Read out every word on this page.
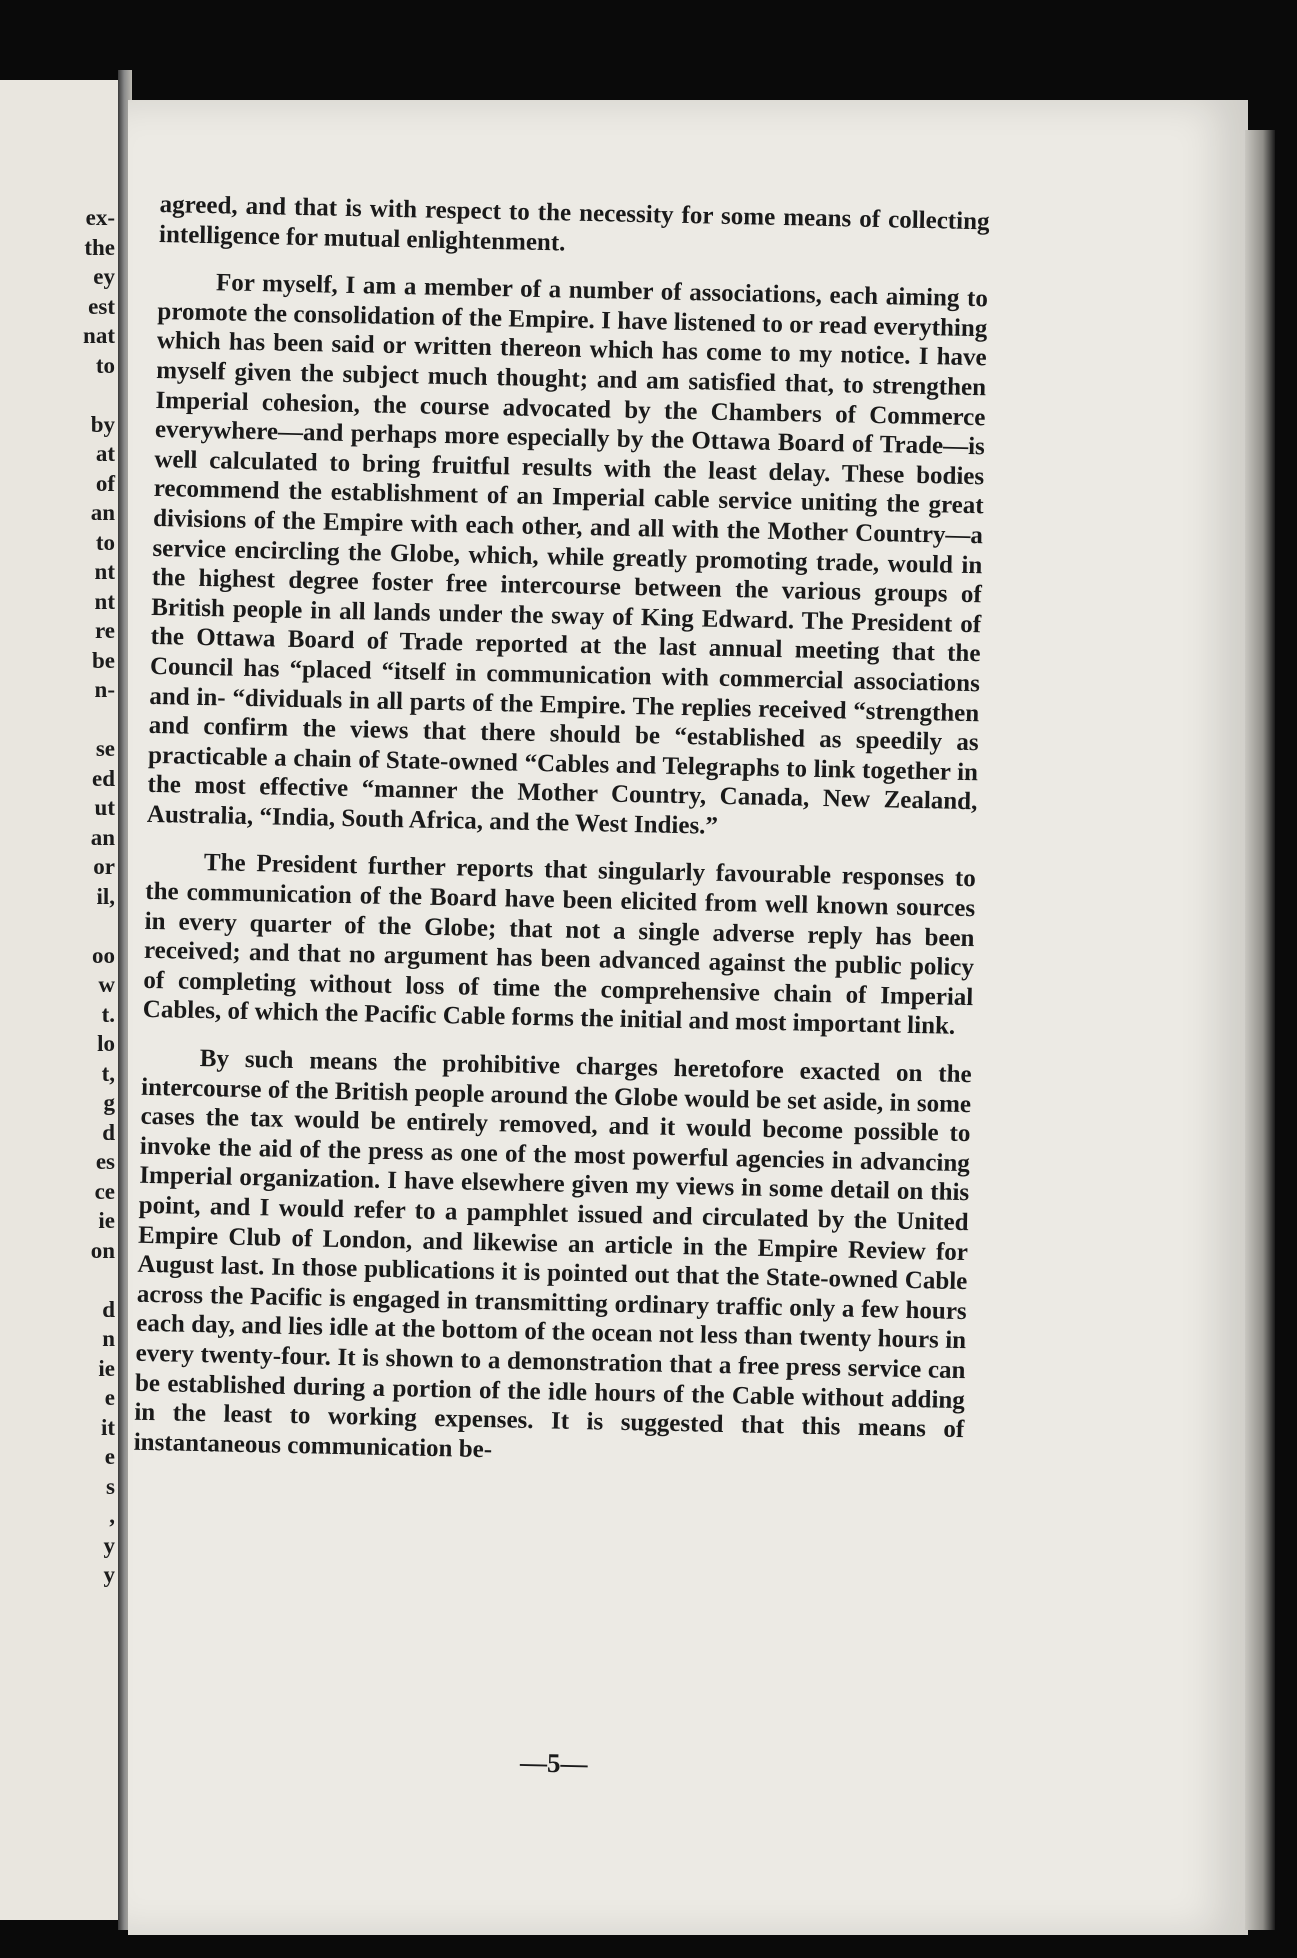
ex-
the
ey
est
nat
to
by
at
of
an
to
nt
nt
re
be
n-
se
ed
ut
an
or
il,
oo
w
t.
lo
t,
g
d
es
ce
ie
on
d
n
ie
e
it
e
s
,
y
y

agreed, and that is with respect to the necessity for some means of collecting intelligence for mutual enlightenment.

For myself, I am a member of a number of associations, each aiming to promote the consolidation of the Empire. I have listened to or read everything which has been said or written thereon which has come to my notice. I have myself given the subject much thought; and am satisfied that, to strengthen Imperial cohesion, the course advocated by the Chambers of Commerce everywhere—and perhaps more especially by the Ottawa Board of Trade—is well calculated to bring fruitful results with the least delay. These bodies recommend the establishment of an Imperial cable service uniting the great divisions of the Empire with each other, and all with the Mother Country—a service encircling the Globe, which, while greatly promoting trade, would in the highest degree foster free intercourse between the various groups of British people in all lands under the sway of King Edward. The President of the Ottawa Board of Trade reported at the last annual meeting that the Council has “placed “itself in communication with commercial associations and in- “dividuals in all parts of the Empire. The replies received “strengthen and confirm the views that there should be “established as speedily as practicable a chain of State-owned “Cables and Telegraphs to link together in the most effective “manner the Mother Country, Canada, New Zealand, Australia, “India, South Africa, and the West Indies.”

The President further reports that singularly favourable responses to the communication of the Board have been elicited from well known sources in every quarter of the Globe; that not a single adverse reply has been received; and that no argument has been advanced against the public policy of completing without loss of time the comprehensive chain of Imperial Cables, of which the Pacific Cable forms the initial and most important link.

By such means the prohibitive charges heretofore exacted on the intercourse of the British people around the Globe would be set aside, in some cases the tax would be entirely removed, and it would become possible to invoke the aid of the press as one of the most powerful agencies in advancing Imperial organization. I have elsewhere given my views in some detail on this point, and I would refer to a pamphlet issued and circulated by the United Empire Club of London, and likewise an article in the Empire Review for August last. In those publications it is pointed out that the State-owned Cable across the Pacific is engaged in transmitting ordinary traffic only a few hours each day, and lies idle at the bottom of the ocean not less than twenty hours in every twenty-four. It is shown to a demonstration that a free press service can be established during a portion of the idle hours of the Cable without adding in the least to working expenses. It is suggested that this means of instantaneous communication be-

—5—
